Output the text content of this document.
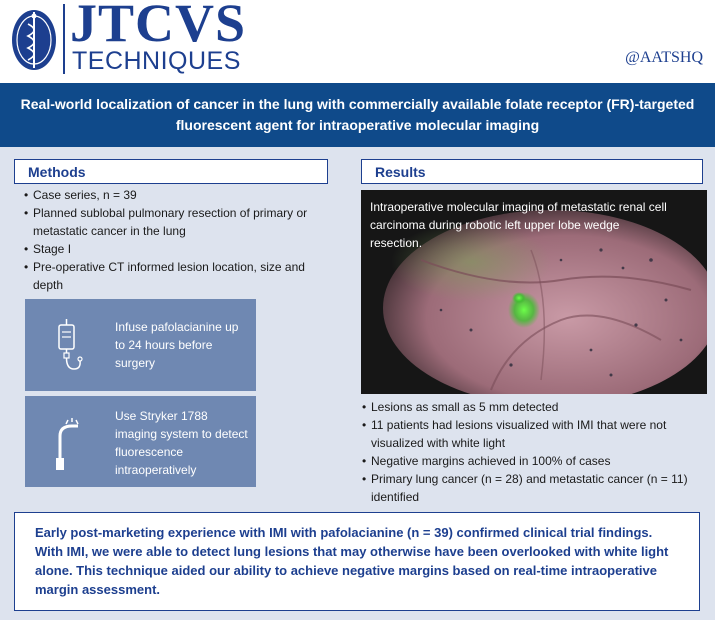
JTCVS
TECHNIQUES	@AATSHQ
Real-world localization of cancer in the lung with commercially available folate receptor (FR)-targeted fluorescent agent for intraoperative molecular imaging
Methods
• Case series, n = 39
• Planned sublobal pulmonary resection of primary or metastatic cancer in the lung
• Stage I
• Pre-operative CT informed lesion location, size and depth
Infuse pafolacianine up to 24 hours before surgery
Use Stryker 1788 imaging system to detect fluorescence intraoperatively
Results
Intraoperative molecular imaging of metastatic renal cell carcinoma during robotic left upper lobe wedge resection.
• Lesions as small as 5 mm detected
• 11 patients had lesions visualized with IMI that were not visualized with white light
• Negative margins achieved in 100% of cases
• Primary lung cancer (n = 28) and metastatic cancer (n = 11) identified
Early post-marketing experience with IMI with pafolacianine (n = 39) confirmed clinical trial findings. With IMI, we were able to detect lung lesions that may otherwise have been overlooked with white light alone. This technique aided our ability to achieve negative margins based on real-time intraoperative margin assessment.
